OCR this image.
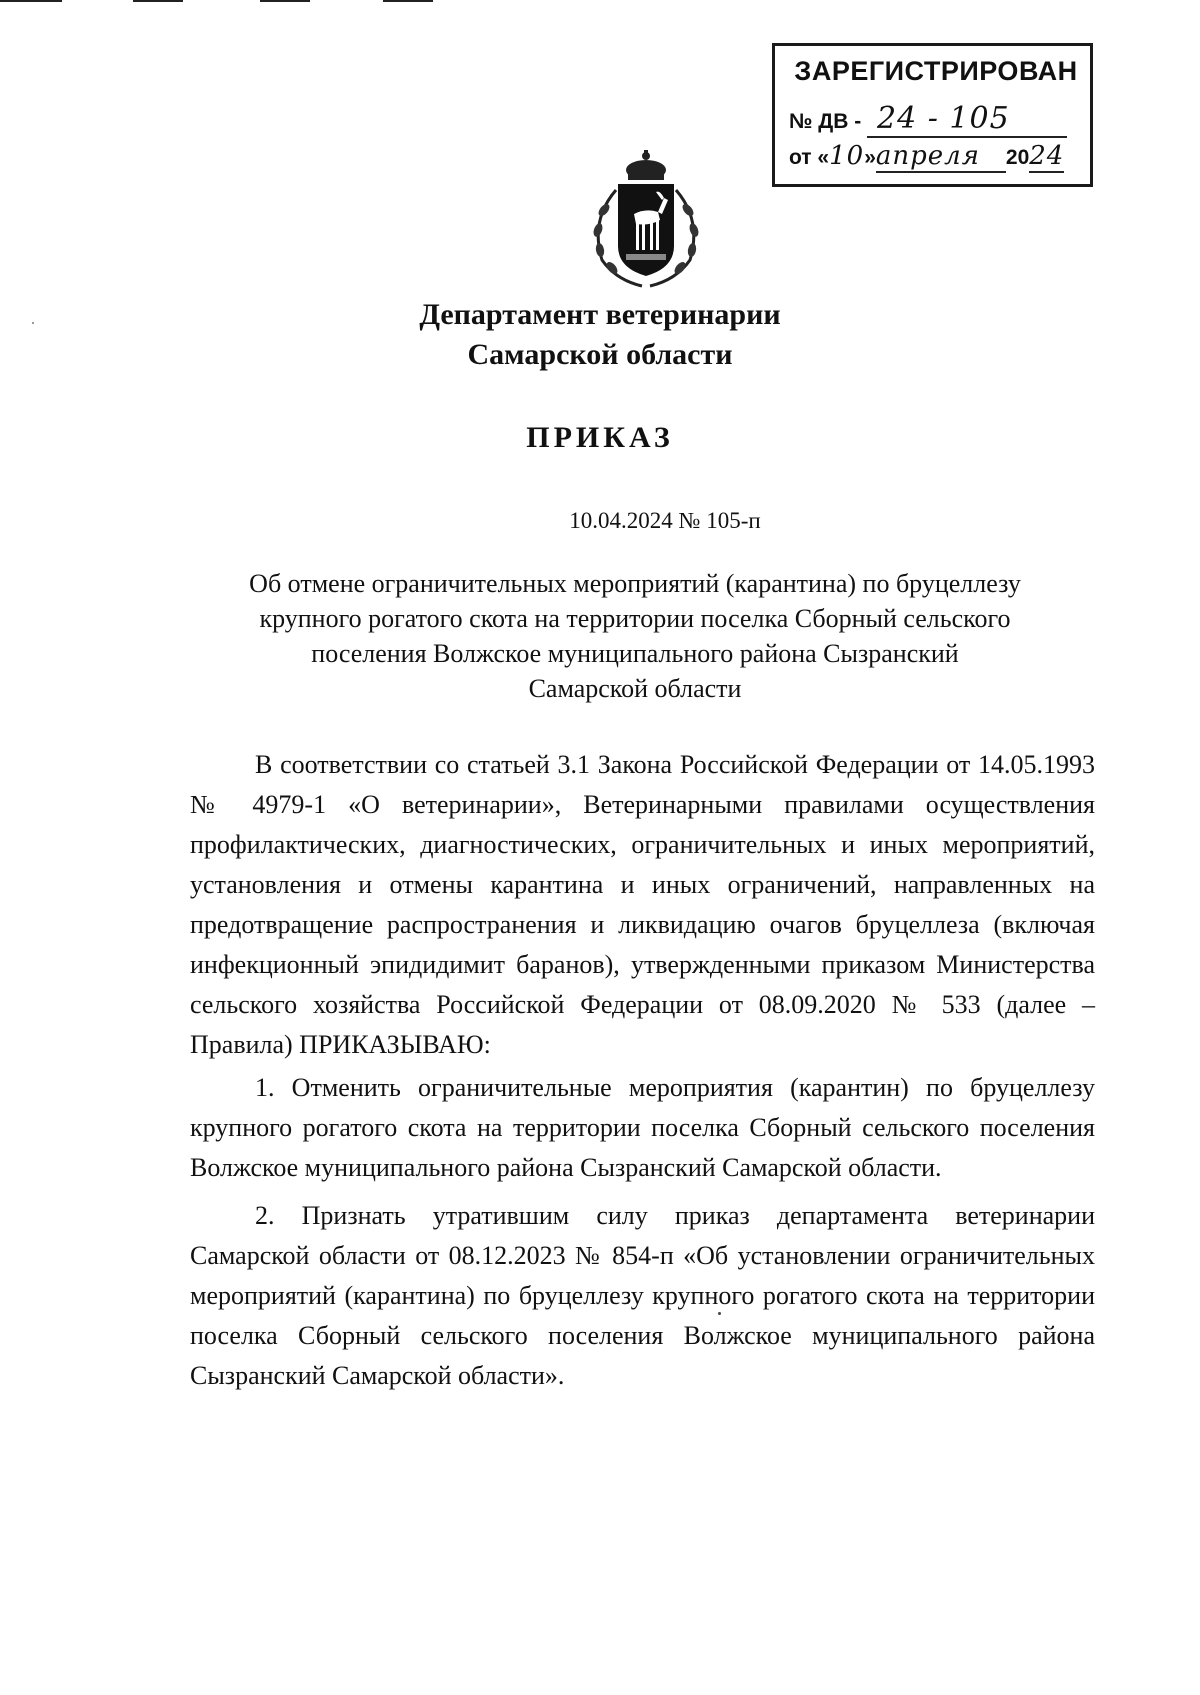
ЗАРЕГИСТРИРОВАН
№ ДВ - 24 - 105
от «10»апреля 2024
Департамент ветеринарии
Самарской области
ПРИКАЗ
10.04.2024 № 105-п
Об отмене ограничительных мероприятий (карантина) по бруцеллезу
крупного рогатого скота на территории поселка Сборный сельского
поселения Волжское муниципального района Сызранский
Самарской области

В соответствии со статьей 3.1 Закона Российской Федерации от 14.05.1993 № 4979-1 «О ветеринарии», Ветеринарными правилами осуществления профилактических, диагностических, ограничительных и иных мероприятий, установления и отмены карантина и иных ограничений, направленных на предотвращение распространения и ликвидацию очагов бруцеллеза (включая инфекционный эпидидимит баранов), утвержденными приказом Министерства сельского хозяйства Российской Федерации от 08.09.2020 № 533 (далее – Правила) ПРИКАЗЫВАЮ:

1. Отменить ограничительные мероприятия (карантин) по бруцеллезу крупного рогатого скота на территории поселка Сборный сельского поселения Волжское муниципального района Сызранский Самарской области.

2. Признать утратившим силу приказ департамента ветеринарии Самарской области от 08.12.2023 № 854-п «Об установлении ограничительных мероприятий (карантина) по бруцеллезу крупного рогатого скота на территории поселка Сборный сельского поселения Волжское муниципального района Сызранский Самарской области».
